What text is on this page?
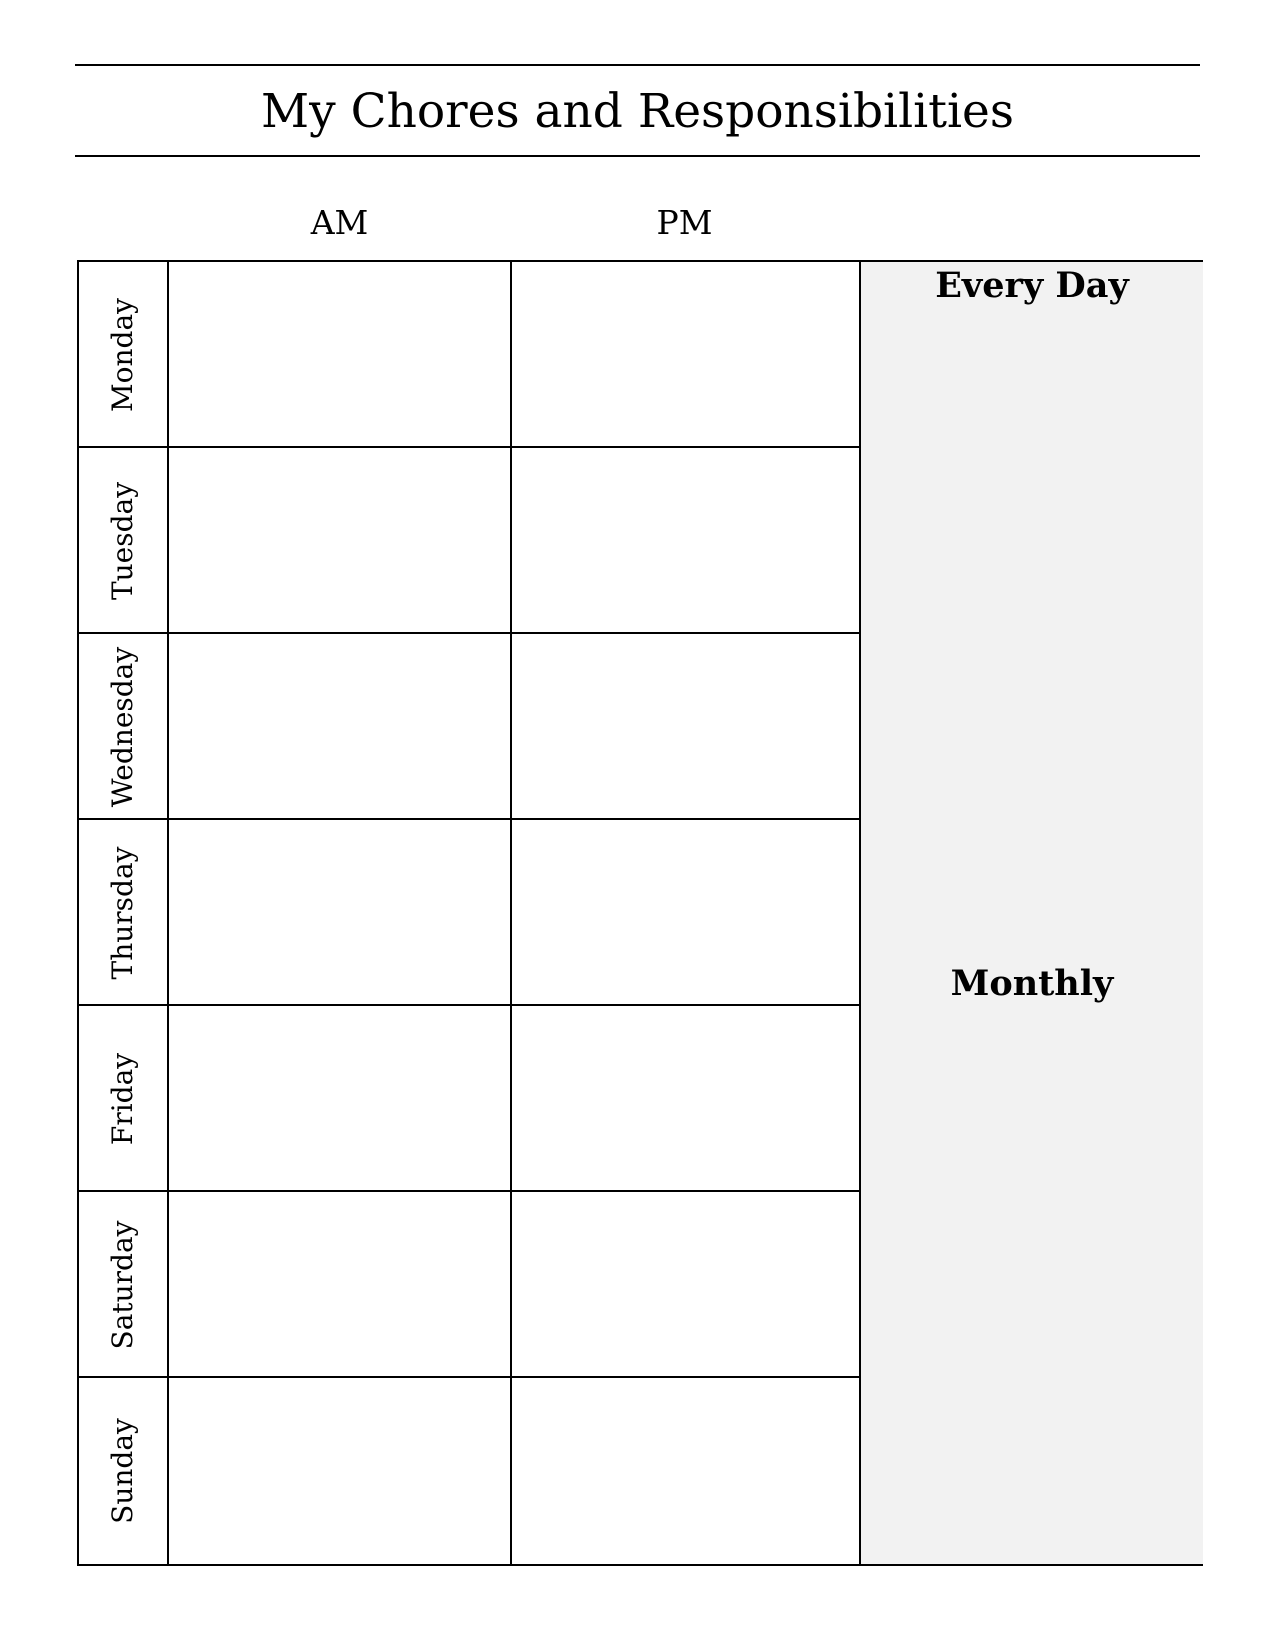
My Chores and Responsibilities
AM	PM
Monday
Tuesday
Wednesday
Thursday
Friday
Saturday
Sunday
Every Day
Monthly
